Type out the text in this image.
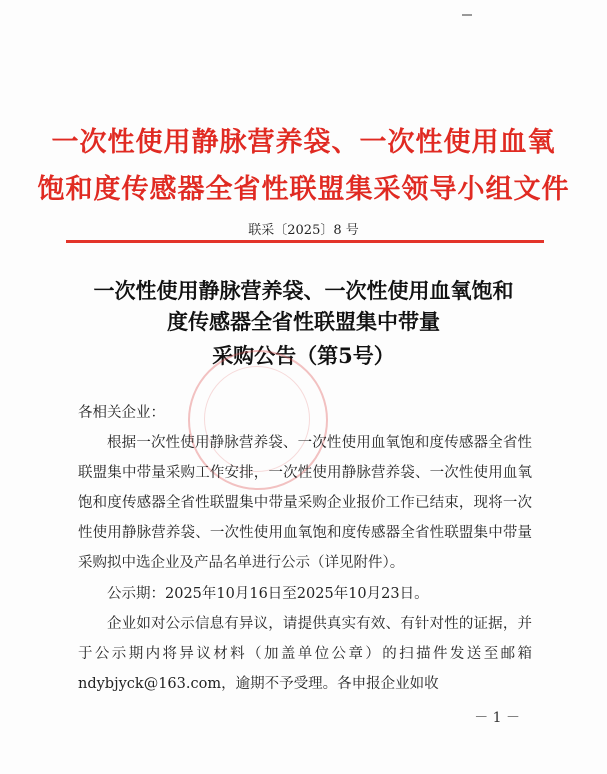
一次性使用静脉营养袋、一次性使用血氧
饱和度传感器全省性联盟集采领导小组文件
联采〔2025〕8 号
一次性使用静脉营养袋、一次性使用血氧饱和
度传感器全省性联盟集中带量
采购公告（第5号）
各相关企业：
根据一次性使用静脉营养袋、一次性使用血氧饱和度传感器全省性联盟集中带量采购工作安排，一次性使用静脉营养袋、一次性使用血氧饱和度传感器全省性联盟集中带量采购企业报价工作已结束，现将一次性使用静脉营养袋、一次性使用血氧饱和度传感器全省性联盟集中带量采购拟中选企业及产品名单进行公示（详见附件）。
公示期：2025年10月16日至2025年10月23日。
企业如对公示信息有异议，请提供真实有效、有针对性的证据，并于公示期内将异议材料（加盖单位公章）的扫描件发送至邮箱ndybjyck@163.com，逾期不予受理。各申报企业如收
－ 1 －
